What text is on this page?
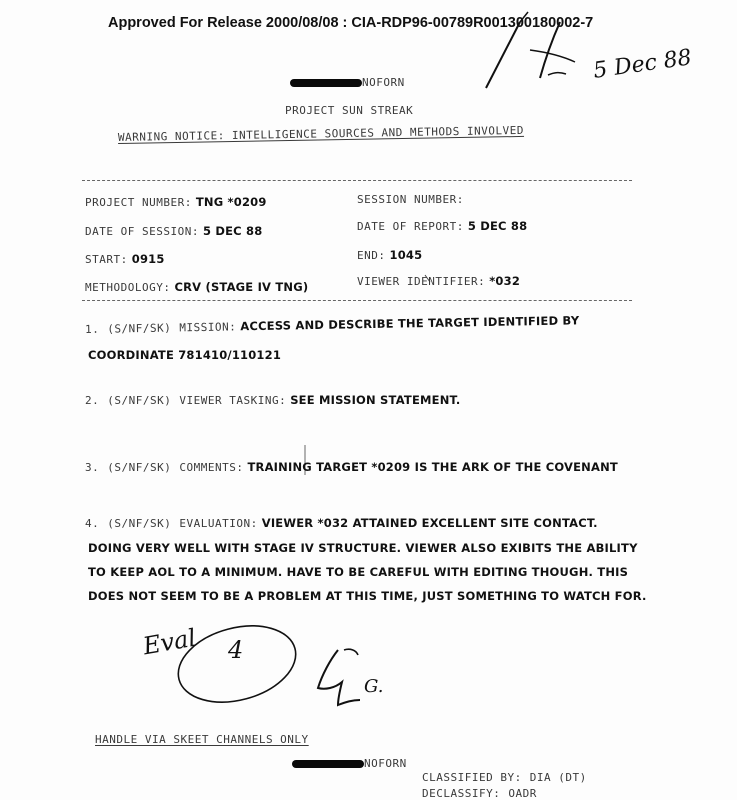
Approved For Release 2000/08/08 : CIA-RDP96-00789R001300180002-7
5 Dec 88
NOFORN
PROJECT SUN STREAK
WARNING NOTICE: INTELLIGENCE SOURCES AND METHODS INVOLVED
PROJECT NUMBER: TNG *0209	SESSION NUMBER:
DATE OF SESSION: 5 DEC 88	DATE OF REPORT: 5 DEC 88
START: 0915	END: 1045
METHODOLOGY: CRV (STAGE IV TNG)	VIEWER IDENTIFIER: *032
1. (S/NF/SK) MISSION: ACCESS AND DESCRIBE THE TARGET IDENTIFIED BY
COORDINATE 781410/110121
2. (S/NF/SK) VIEWER TASKING: SEE MISSION STATEMENT.
3. (S/NF/SK) COMMENTS: TRAINING TARGET *0209 IS THE ARK OF THE COVENANT
4. (S/NF/SK) EVALUATION: VIEWER *032 ATTAINED EXCELLENT SITE CONTACT.
DOING VERY WELL WITH STAGE IV STRUCTURE. VIEWER ALSO EXIBITS THE ABILITY
TO KEEP AOL TO A MINIMUM. HAVE TO BE CAREFUL WITH EDITING THOUGH. THIS
DOES NOT SEEM TO BE A PROBLEM AT THIS TIME, JUST SOMETHING TO WATCH FOR.
Eval 4
G.
HANDLE VIA SKEET CHANNELS ONLY
NOFORN
CLASSIFIED BY: DIA (DT)
DECLASSIFY: OADR
